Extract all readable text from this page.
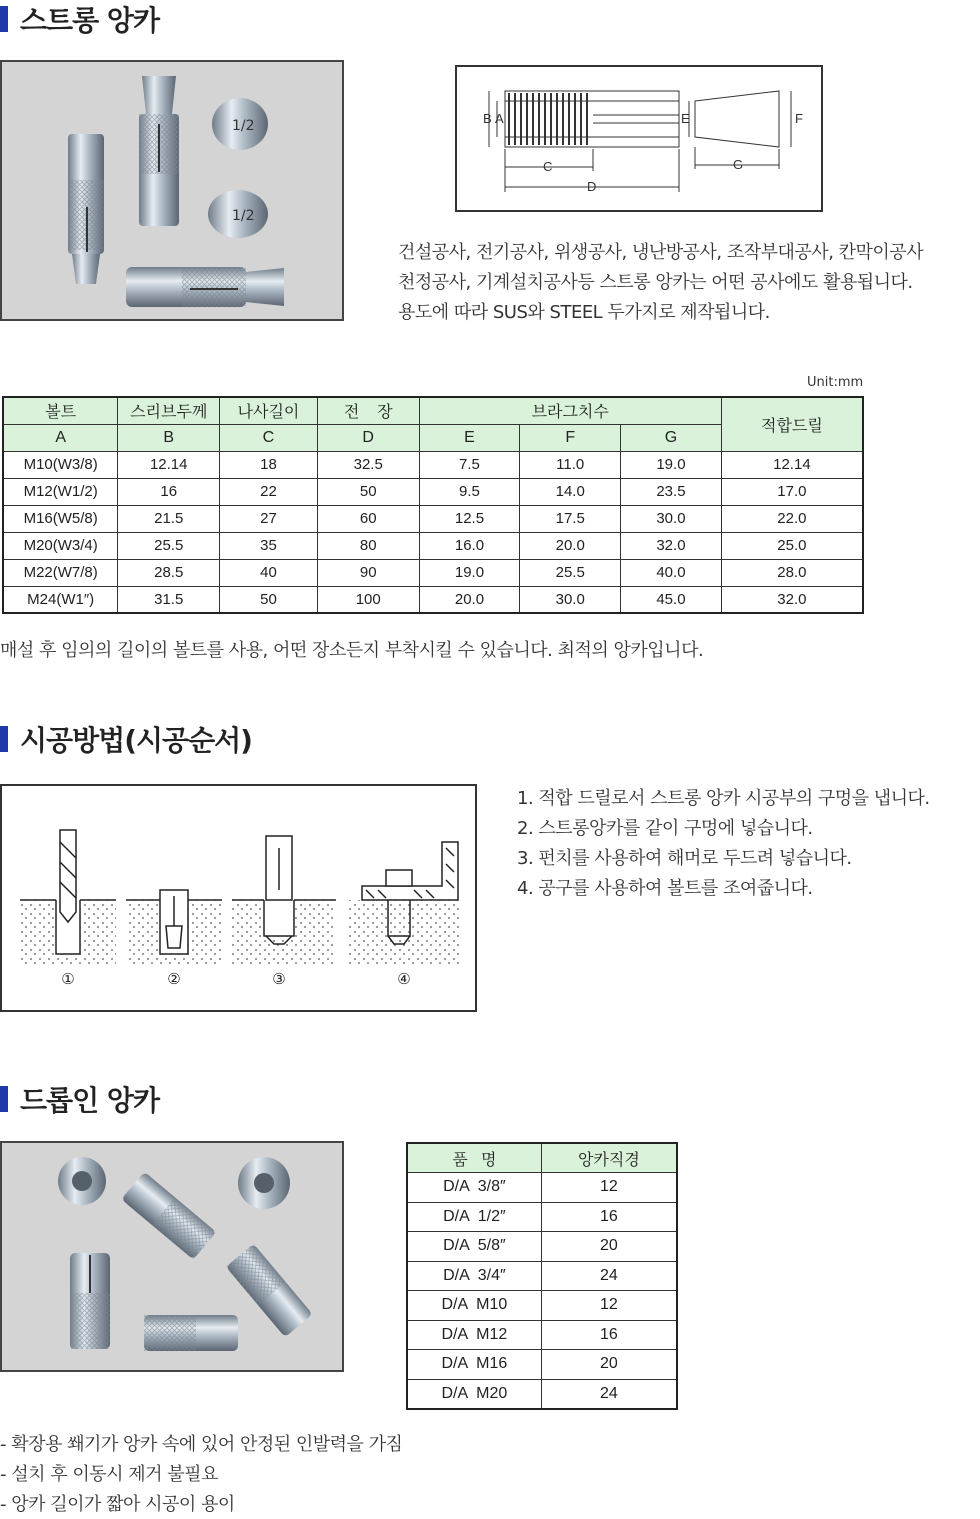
스트롱 앙카
1/2
1/2
B A
C
D
E	F
G
건설공사, 전기공사, 위생공사, 냉난방공사, 조작부대공사, 칸막이공사
천정공사, 기계설치공사등 스트롱 앙카는 어떤 공사에도 활용됩니다.
용도에 따라 SUS와 STEEL 두가지로 제작됩니다.
Unit:mm
볼트	스리브두께	나사길이	전    장	브라그치수			적합드릴
A	B	C	D	E	F	G	
M10(W3/8)	12.14	18	32.5	7.5	11.0	19.0	12.14
M12(W1/2)	16	22	50	9.5	14.0	23.5	17.0
M16(W5/8)	21.5	27	60	12.5	17.5	30.0	22.0
M20(W3/4)	25.5	35	80	16.0	20.0	32.0	25.0
M22(W7/8)	28.5	40	90	19.0	25.5	40.0	28.0
M24(W1″)	31.5	50	100	20.0	30.0	45.0	32.0
매설 후 임의의 길이의 볼트를 사용, 어떤 장소든지 부착시킬 수 있습니다. 최적의 앙카입니다.
시공방법(시공순서)
①	②	③	④
1. 적합 드릴로서 스트롱 앙카 시공부의 구멍을 냅니다.
2. 스트롱앙카를 같이 구멍에 넣습니다.
3. 펀치를 사용하여 해머로 두드려 넣습니다.
4. 공구를 사용하여 볼트를 조여줍니다.
드롭인 앙카
품   명	앙카직경
D/A  3/8″	12
D/A  1/2″	16
D/A  5/8″	20
D/A  3/4″	24
D/A  M10	12
D/A  M12	16
D/A  M16	20
D/A  M20	24
- 확장용 쐐기가 앙카 속에 있어 안정된 인발력을 가짐
- 설치 후 이동시 제거 불필요
- 앙카 길이가 짧아 시공이 용이
